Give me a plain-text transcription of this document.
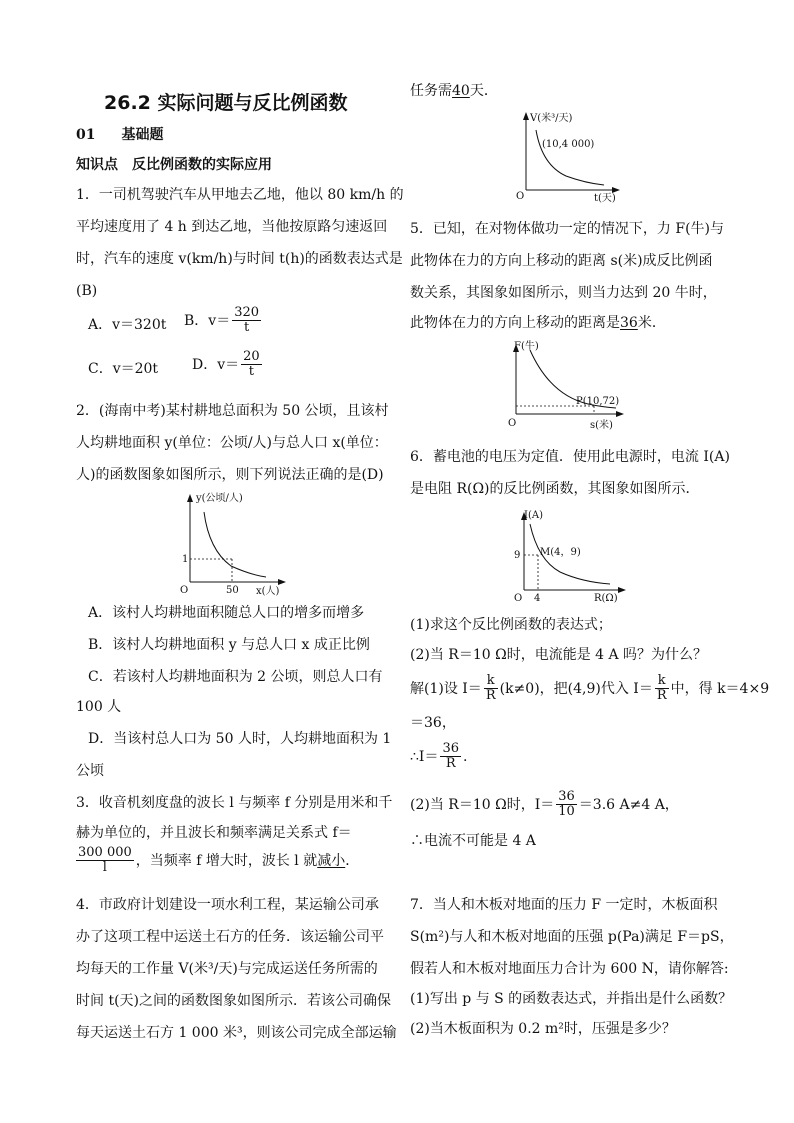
26.2 实际问题与反比例函数
01 基础题
知识点　反比例函数的实际应用
1．一司机驾驶汽车从甲地去乙地，他以 80 km/h 的
平均速度用了 4 h 到达乙地，当他按原路匀速返回
时，汽车的速度 v(km/h)与时间 t(h)的函数表达式是
(B)
A．v＝320t B．$v= \frac{320}{t}$
C．v＝20t D．$v= \frac{20}{t}$
2．(海南中考)某村耕地总面积为 50 公顷，且该村
人均耕地面积 y(单位：公顷/人)与总人口 x(单位：
人)的函数图象如图所示，则下列说法正确的是(D)
y(公顷/人)
x(人)
O
1
50
A．该村人均耕地面积随总人口的增多而增多
B．该村人均耕地面积 y 与总人口 x 成正比例
C．若该村人均耕地面积为 2 公顷，则总人口有
100 人
D．当该村总人口为 50 人时，人均耕地面积为 1
公顷
3．收音机刻度盘的波长 l 与频率 f 分别是用米和千
赫为单位的，并且波长和频率满足关系式 f＝
$\frac{300 000}{l}$ ，当频率 f 增大时，波长 l 就减小．
4．市政府计划建设一项水利工程，某运输公司承
办了这项工程中运送土石方的任务．该运输公司平
均每天的工作量 V(米³/天)与完成运送任务所需的
时间 t(天)之间的函数图象如图所示．若该公司确保
每天运送土石方 1 000 米³，则该公司完成全部运输
任务需40天．
V(米³/天)
(10,4 000)
O	t(天)
F(牛)
P(10,72)
O	s(米)
I(A)
M(4，9)
9
O 4	R(Ω)
5．已知，在对物体做功一定的情况下，力 F(牛)与
此物体在力的方向上移动的距离 s(米)成反比例函
数关系，其图象如图所示，则当力达到 20 牛时，
此物体在力的方向上移动的距离是36米．
6．蓄电池的电压为定值．使用此电源时，电流 I(A)
是电阻 R(Ω)的反比例函数，其图象如图所示．
(1)求这个反比例函数的表达式；
(2)当 R＝10 Ω时，电流能是 4 A 吗？为什么？
解(1)设 $I= \frac{k}{R} (k\ne 0)$，把(4,9)代入 $I= \frac{k}{R}$ 中，得 k＝4×9
＝36，
∴I＝ $\frac{36}{R}$ .
(2)当 R＝10 Ω时，$I= \frac{36}{10} =3.6$ A≠4 A，
∴电流不可能是 4 A
7．当人和木板对地面的压力 F 一定时，木板面积
S(m²)与人和木板对地面的压强 p(Pa)满足 F＝pS，
假若人和木板对地面压力合计为 600 N，请你解答:
(1)写出 p 与 S 的函数表达式，并指出是什么函数？
(2)当木板面积为 0.2 m²时，压强是多少？
